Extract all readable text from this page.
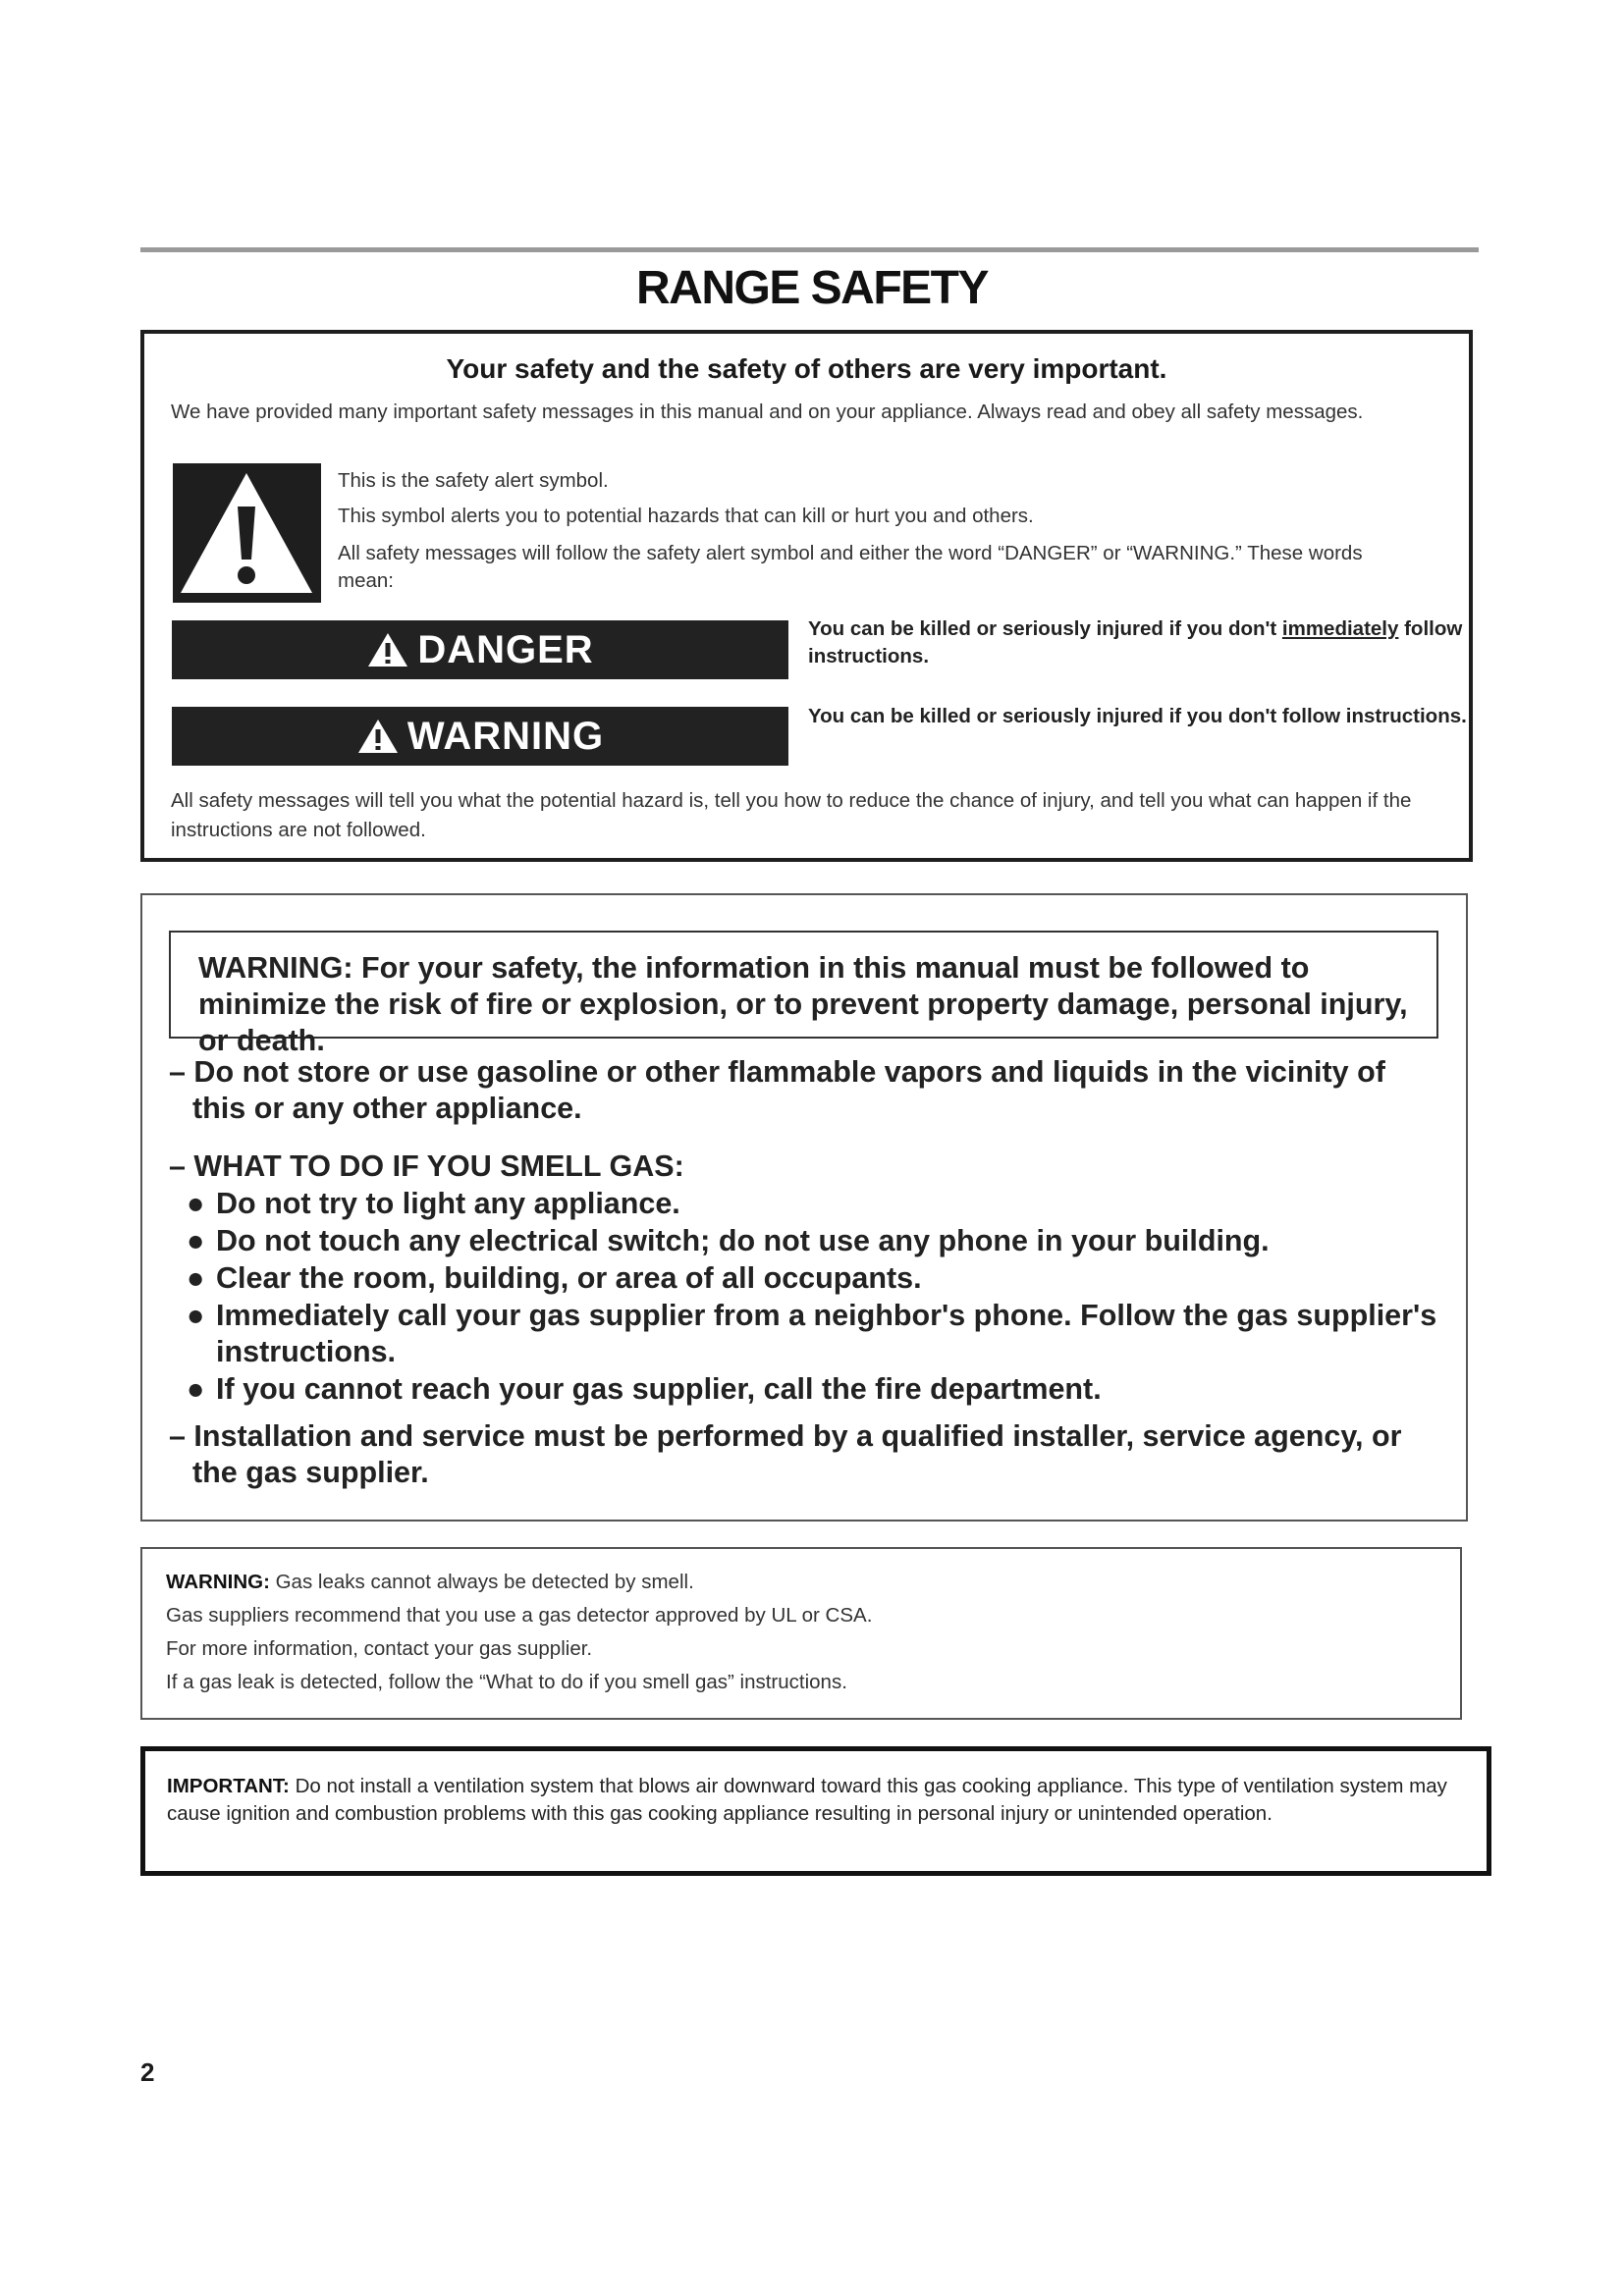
RANGE SAFETY
Your safety and the safety of others are very important.
We have provided many important safety messages in this manual and on your appliance. Always read and obey all safety messages.
This is the safety alert symbol.
This symbol alerts you to potential hazards that can kill or hurt you and others.
All safety messages will follow the safety alert symbol and either the word “DANGER” or “WARNING.” These words mean:
DANGER	You can be killed or seriously injured if you don't immediately follow instructions.
WARNING	You can be killed or seriously injured if you don't follow instructions.
All safety messages will tell you what the potential hazard is, tell you how to reduce the chance of injury, and tell you what can happen if the instructions are not followed.
WARNING: For your safety, the information in this manual must be followed to minimize the risk of fire or explosion, or to prevent property damage, personal injury, or death.
– Do not store or use gasoline or other flammable vapors and liquids in the vicinity of this or any other appliance.
– WHAT TO DO IF YOU SMELL GAS:
● Do not try to light any appliance.
● Do not touch any electrical switch; do not use any phone in your building.
● Clear the room, building, or area of all occupants.
● Immediately call your gas supplier from a neighbor's phone. Follow the gas supplier's instructions.
● If you cannot reach your gas supplier, call the fire department.
– Installation and service must be performed by a qualified installer, service agency, or the gas supplier.
WARNING: Gas leaks cannot always be detected by smell.
Gas suppliers recommend that you use a gas detector approved by UL or CSA.
For more information, contact your gas supplier.
If a gas leak is detected, follow the “What to do if you smell gas” instructions.
IMPORTANT: Do not install a ventilation system that blows air downward toward this gas cooking appliance. This type of ventilation system may cause ignition and combustion problems with this gas cooking appliance resulting in personal injury or unintended operation.
2
